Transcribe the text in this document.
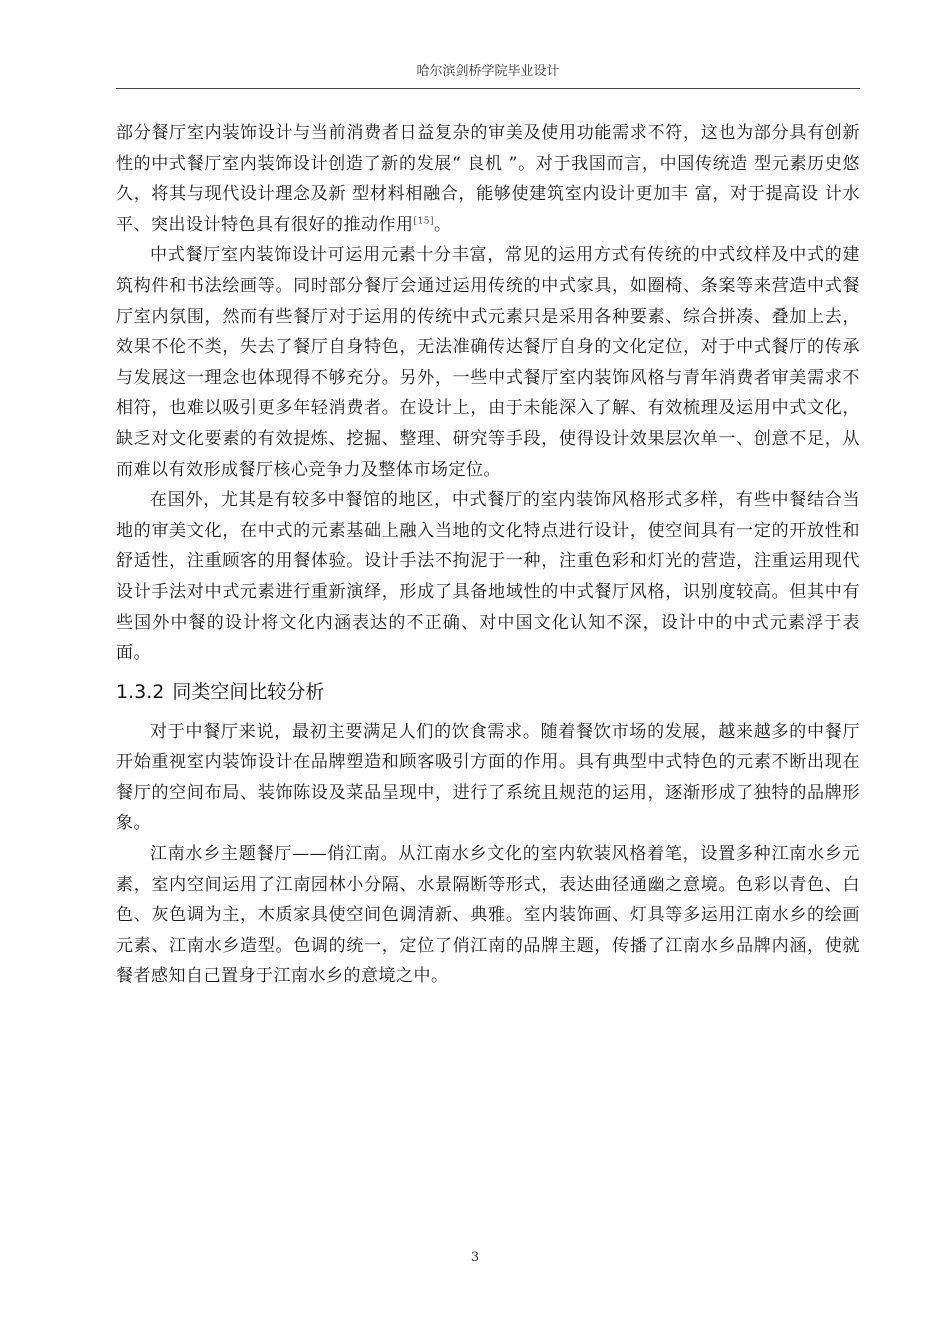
哈尔滨剑桥学院毕业设计

部分餐厅室内装饰设计与当前消费者日益复杂的审美及使用功能需求不符，这也为部分具有创新性的中式餐厅室内装饰设计创造了新的发展“ 良机 ”。对于我国而言，中国传统造 型元素历史悠久，将其与现代设计理念及新 型材料相融合，能够使建筑室内设计更加丰 富，对于提高设 计水平、突出设计特色具有很好的推动作用[15]。

中式餐厅室内装饰设计可运用元素十分丰富，常见的运用方式有传统的中式纹样及中式的建筑构件和书法绘画等。同时部分餐厅会通过运用传统的中式家具，如圈椅、条案等来营造中式餐厅室内氛围，然而有些餐厅对于运用的传统中式元素只是采用各种要素、综合拼凑、叠加上去，效果不伦不类，失去了餐厅自身特色，无法准确传达餐厅自身的文化定位，对于中式餐厅的传承与发展这一理念也体现得不够充分。另外，一些中式餐厅室内装饰风格与青年消费者审美需求不相符，也难以吸引更多年轻消费者。在设计上，由于未能深入了解、有效梳理及运用中式文化，缺乏对文化要素的有效提炼、挖掘、整理、研究等手段，使得设计效果层次单一、创意不足，从而难以有效形成餐厅核心竞争力及整体市场定位。

在国外，尤其是有较多中餐馆的地区，中式餐厅的室内装饰风格形式多样，有些中餐结合当地的审美文化，在中式的元素基础上融入当地的文化特点进行设计，使空间具有一定的开放性和舒适性，注重顾客的用餐体验。设计手法不拘泥于一种，注重色彩和灯光的营造，注重运用现代设计手法对中式元素进行重新演绎，形成了具备地域性的中式餐厅风格，识别度较高。但其中有些国外中餐的设计将文化内涵表达的不正确、对中国文化认知不深，设计中的中式元素浮于表面。

1.3.2 同类空间比较分析

对于中餐厅来说，最初主要满足人们的饮食需求。随着餐饮市场的发展，越来越多的中餐厅开始重视室内装饰设计在品牌塑造和顾客吸引方面的作用。具有典型中式特色的元素不断出现在餐厅的空间布局、装饰陈设及菜品呈现中，进行了系统且规范的运用，逐渐形成了独特的品牌形象。

江南水乡主题餐厅——俏江南。从江南水乡文化的室内软装风格着笔，设置多种江南水乡元素，室内空间运用了江南园林小分隔、水景隔断等形式，表达曲径通幽之意境。色彩以青色、白色、灰色调为主，木质家具使空间色调清新、典雅。室内装饰画、灯具等多运用江南水乡的绘画元素、江南水乡造型。色调的统一，定位了俏江南的品牌主题，传播了江南水乡品牌内涵，使就餐者感知自己置身于江南水乡的意境之中。

3
